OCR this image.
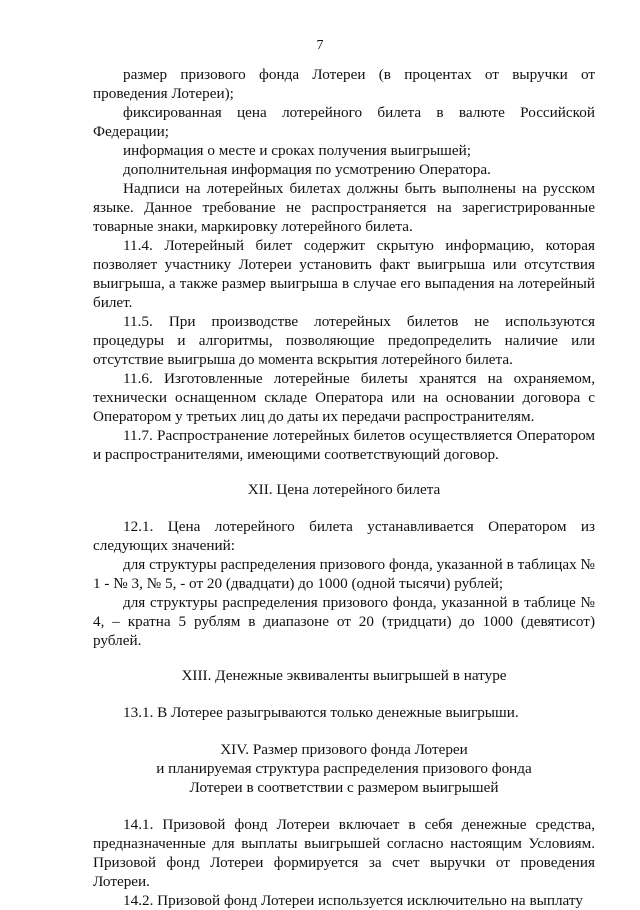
7

размер призового фонда Лотереи (в процентах от выручки от проведения Лотереи);

фиксированная цена лотерейного билета в валюте Российской Федерации;

информация о месте и сроках получения выигрышей;

дополнительная информация по усмотрению Оператора.

Надписи на лотерейных билетах должны быть выполнены на русском языке. Данное требование не распространяется на зарегистрированные товарные знаки, маркировку лотерейного билета.

11.4. Лотерейный билет содержит скрытую информацию, которая позволяет участнику Лотереи установить факт выигрыша или отсутствия выигрыша, а также размер выигрыша в случае его выпадения на лотерейный билет.

11.5. При производстве лотерейных билетов не используются процедуры и алгоритмы, позволяющие предопределить наличие или отсутствие выигрыша до момента вскрытия лотерейного билета.

11.6. Изготовленные лотерейные билеты хранятся на охраняемом, технически оснащенном складе Оператора или на основании договора с Оператором у третьих лиц до даты их передачи распространителям.

11.7. Распространение лотерейных билетов осуществляется Оператором и распространителями, имеющими соответствующий договор.

XII. Цена лотерейного билета

12.1. Цена лотерейного билета устанавливается Оператором из следующих значений:

для структуры распределения призового фонда, указанной в таблицах № 1 - № 3, № 5, - от 20 (двадцати) до 1000 (одной тысячи) рублей;

для структуры распределения призового фонда, указанной в таблице № 4, – кратна 5 рублям в диапазоне от 20 (тридцати) до 1000 (девятисот) рублей.

XIII. Денежные эквиваленты выигрышей в натуре

13.1. В Лотерее разыгрываются только денежные выигрыши.

XIV. Размер призового фонда Лотереи

и планируемая структура распределения призового фонда

Лотереи в соответствии с размером выигрышей

14.1. Призовой фонд Лотереи включает в себя денежные средства, предназначенные для выплаты выигрышей согласно настоящим Условиям. Призовой фонд Лотереи формируется за счет выручки от проведения Лотереи.

14.2. Призовой фонд Лотереи используется исключительно на выплату
